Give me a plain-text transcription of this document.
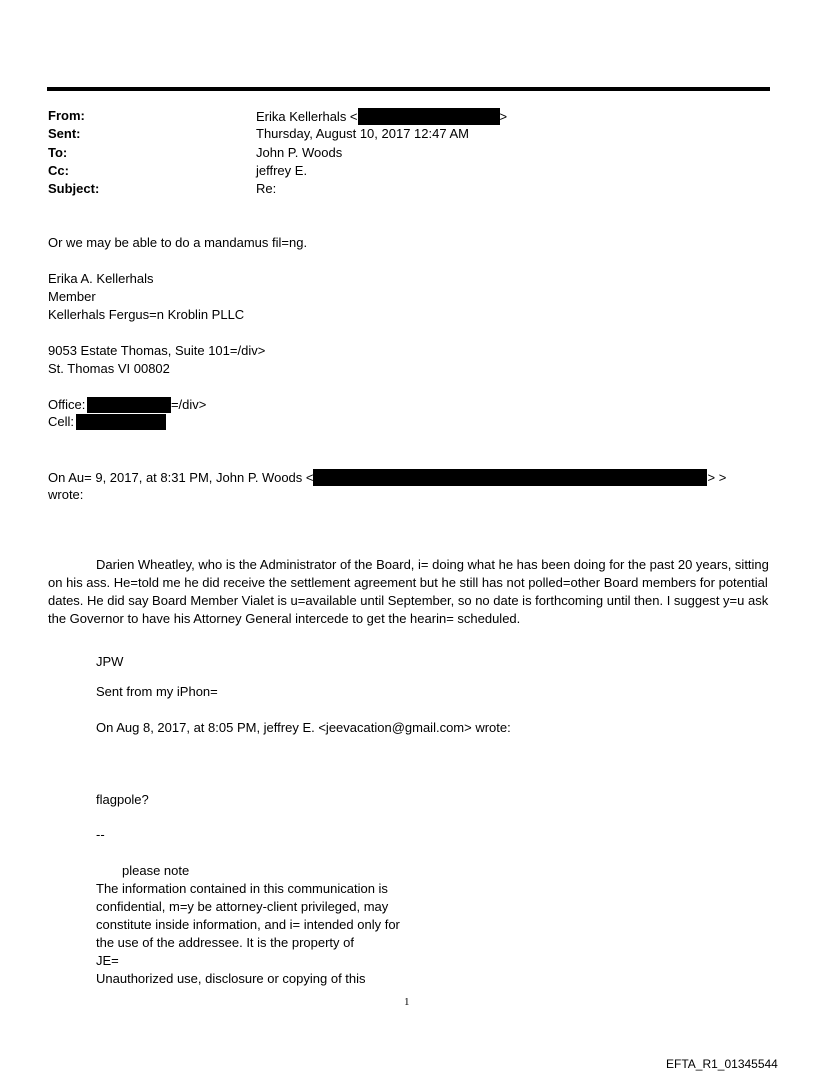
From:	Erika Kellerhals <	>
Sent:	Thursday, August 10, 2017 12:47 AM
To:	John P. Woods
Cc:	jeffrey E.
Subject:	Re:
Or we may be able to do a mandamus fil=ng.
Erika A. Kellerhals
Member
Kellerhals Fergus=n Kroblin PLLC
9053 Estate Thomas, Suite 101=/div>
St. Thomas VI 00802
Office:	=/div>
Cell:
On Au= 9, 2017, at 8:31 PM, John P. Woods <	> >
wrote:
Darien Wheatley, who is the Administrator of the Board, i= doing what he has been doing for the past 20 years, sitting on his ass. He=told me he did receive the settlement agreement but he still has not polled=other Board members for potential dates. He did say Board Member Vialet is u=available until September, so no date is forthcoming until then. I suggest y=u ask the Governor to have his Attorney General intercede to get the hearin= scheduled.
JPW
Sent from my iPhon=
On Aug 8, 2017, at 8:05 PM, jeffrey E. <jeevacation@gmail.com> wrote:
flagpole?
--
please note
The information contained in this communication is
confidential, m=y be attorney-client privileged, may
constitute inside information, and i= intended only for
the use of the addressee. It is the property of
JE=
Unauthorized use, disclosure or copying of this
1
EFTA_R1_01345544
